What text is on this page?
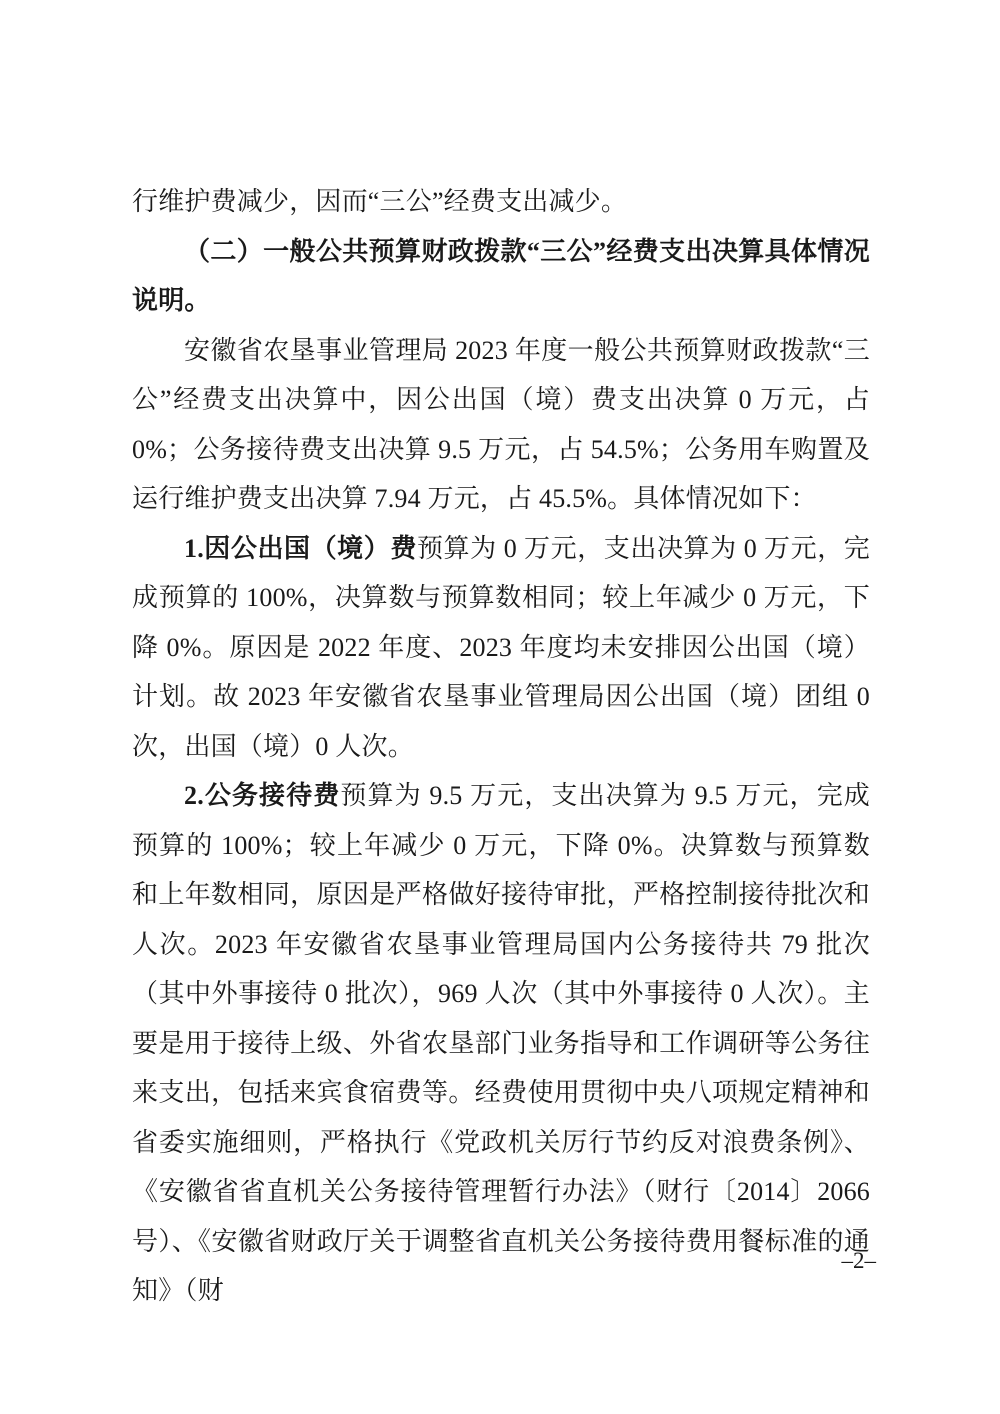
行维护费减少，因而“三公”经费支出减少。

（二）一般公共预算财政拨款“三公”经费支出决算具体情况说明。

安徽省农垦事业管理局 2023 年度一般公共预算财政拨款“三公”经费支出决算中，因公出国（境）费支出决算 0 万元，占 0%；公务接待费支出决算 9.5 万元，占 54.5%；公务用车购置及运行维护费支出决算 7.94 万元，占 45.5%。具体情况如下：

1.因公出国（境）费预算为 0 万元，支出决算为 0 万元，完成预算的 100%，决算数与预算数相同；较上年减少 0 万元，下降 0%。原因是 2022 年度、2023 年度均未安排因公出国（境）计划。故 2023 年安徽省农垦事业管理局因公出国（境）团组 0 次，出国（境）0 人次。

2.公务接待费预算为 9.5 万元，支出决算为 9.5 万元，完成预算的 100%；较上年减少 0 万元，下降 0%。决算数与预算数和上年数相同，原因是严格做好接待审批，严格控制接待批次和人次。2023 年安徽省农垦事业管理局国内公务接待共 79 批次（其中外事接待 0 批次），969 人次（其中外事接待 0 人次）。主要是用于接待上级、外省农垦部门业务指导和工作调研等公务往来支出，包括来宾食宿费等。经费使用贯彻中央八项规定精神和省委实施细则，严格执行《党政机关厉行节约反对浪费条例》、《安徽省省直机关公务接待管理暂行办法》（财行〔2014〕2066 号）、《安徽省财政厅关于调整省直机关公务接待费用餐标准的通知》（财

–2–
